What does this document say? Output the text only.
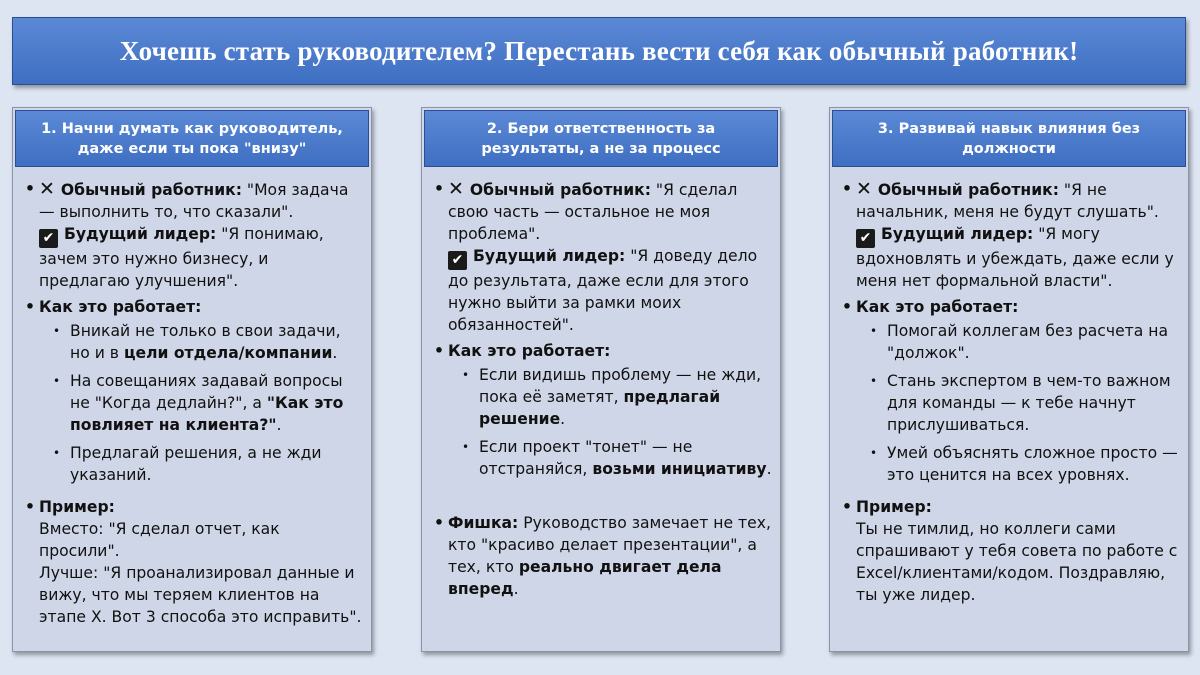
Хочешь стать руководителем? Перестань вести себя как обычный работник!
1. Начни думать как руководитель, даже если ты пока "внизу"
• ✕ Обычный работник: "Моя задача — выполнить то, что сказали".
✔ Будущий лидер: "Я понимаю, зачем это нужно бизнесу, и предлагаю улучшения".
• Как это работает:
• Вникай не только в свои задачи, но и в цели отдела/компании.
• На совещаниях задавай вопросы не "Когда дедлайн?", а "Как это повлияет на клиента?".
• Предлагай решения, а не жди указаний.
• Пример:
Вместо: "Я сделал отчет, как просили".
Лучше: "Я проанализировал данные и вижу, что мы теряем клиентов на этапе X. Вот 3 способа это исправить".
2. Бери ответственность за результаты, а не за процесс
• ✕ Обычный работник: "Я сделал свою часть — остальное не моя проблема".
✔ Будущий лидер: "Я доведу дело до результата, даже если для этого нужно выйти за рамки моих обязанностей".
• Как это работает:
• Если видишь проблему — не жди, пока её заметят, предлагай решение.
• Если проект "тонет" — не отстраняйся, возьми инициативу.
• Фишка: Руководство замечает не тех, кто "красиво делает презентации", а тех, кто реально двигает дела вперед.
3. Развивай навык влияния без должности
• ✕ Обычный работник: "Я не начальник, меня не будут слушать".
✔ Будущий лидер: "Я могу вдохновлять и убеждать, даже если у меня нет формальной власти".
• Как это работает:
• Помогай коллегам без расчета на "должок".
• Стань экспертом в чем-то важном для команды — к тебе начнут прислушиваться.
• Умей объяснять сложное просто — это ценится на всех уровнях.
• Пример:
Ты не тимлид, но коллеги сами спрашивают у тебя совета по работе с Excel/клиентами/кодом. Поздравляю, ты уже лидер.
